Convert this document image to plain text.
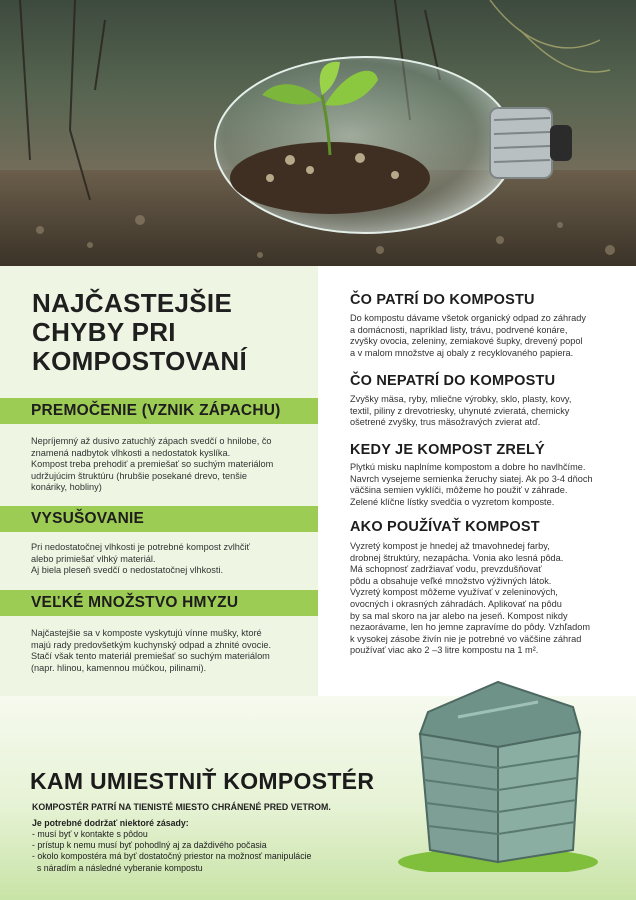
NAJČASTEJŠIE CHYBY PRI KOMPOSTOVANÍ
PREMOČENIE (VZNIK ZÁPACHU)

Nepríjemný až dusivo zatuchlý zápach svedčí o hnilobe, čo
znamená nadbytok vlhkosti a nedostatok kyslíka.
Kompost treba prehodiť a premiešať so suchým materiálom
udržujúcim štruktúru (hrubšie posekané drevo, tenšie
konáriky, hobliny)

VYSUŠOVANIE

Pri nedostatočnej vlhkosti je potrebné kompost zvlhčiť
alebo primiešať vlhký materiál.
Aj biela pleseň svedčí o nedostatočnej vlhkosti.

VEĽKÉ MNOŽSTVO HMYZU

Najčastejšie sa v komposte vyskytujú vínne mušky, ktoré
majú rady predovšetkým kuchynský odpad a zhnité ovocie.
Stačí však tento materiál premiešať so suchým materiálom
(napr. hlinou, kamennou múčkou, pilinami).

ČO PATRÍ DO KOMPOSTU

Do kompostu dávame všetok organický odpad zo záhrady
a domácnosti, napríklad listy, trávu, podrvené konáre,
zvyšky ovocia, zeleniny, zemiakové šupky, drevený popol
a v malom množstve aj obaly z recyklovaného papiera.

ČO NEPATRÍ DO KOMPOSTU

Zvyšky mäsa, ryby, mliečne výrobky, sklo, plasty, kovy,
textil, piliny z drevotriesky, uhynuté zvieratá, chemicky
ošetrené zvyšky, trus mäsožravých zvierat atď.

KEDY JE KOMPOST ZRELÝ

Plytkú misku naplníme kompostom a dobre ho navlhčíme.
Navrch vysejeme semienka žeruchy siatej. Ak po 3-4 dňoch
väčšina semien vyklíči, môžeme ho použiť v záhrade.
Zelené klíčne lístky svedčia o vyzretom komposte.

AKO POUŽÍVAŤ KOMPOST

Vyzretý kompost je hnedej až tmavohnedej farby,
drobnej štruktúry, nezapácha. Vonia ako lesná pôda.
Má schopnosť zadržiavať vodu, prevzdušňovať
pôdu a obsahuje veľké množstvo výživných látok.
Vyzretý kompost môžeme využívať v zeleninových,
ovocných i okrasných záhradách. Aplikovať na pôdu
by sa mal skoro na jar alebo na jeseň. Kompost nikdy
nezaorávame, len ho jemne zapravíme do pôdy. Vzhľadom
k vysokej zásobe živín nie je potrebné vo väčšine záhrad
používať viac ako 2 –3 litre kompostu na 1 m².

KAM UMIESTNIŤ KOMPOSTÉR

KOMPOSTÉR PATRÍ NA TIENISTÉ MIESTO CHRÁNENÉ PRED VETROM.

Je potrebné dodržať niektoré zásady:

- musí byť v kontakte s pôdou
- prístup k nemu musí byť pohodlný aj za daždivého počasia
- okolo kompostéra má byť dostatočný priestor na možnosť manipulácie
s náradím a následné vyberanie kompostu
